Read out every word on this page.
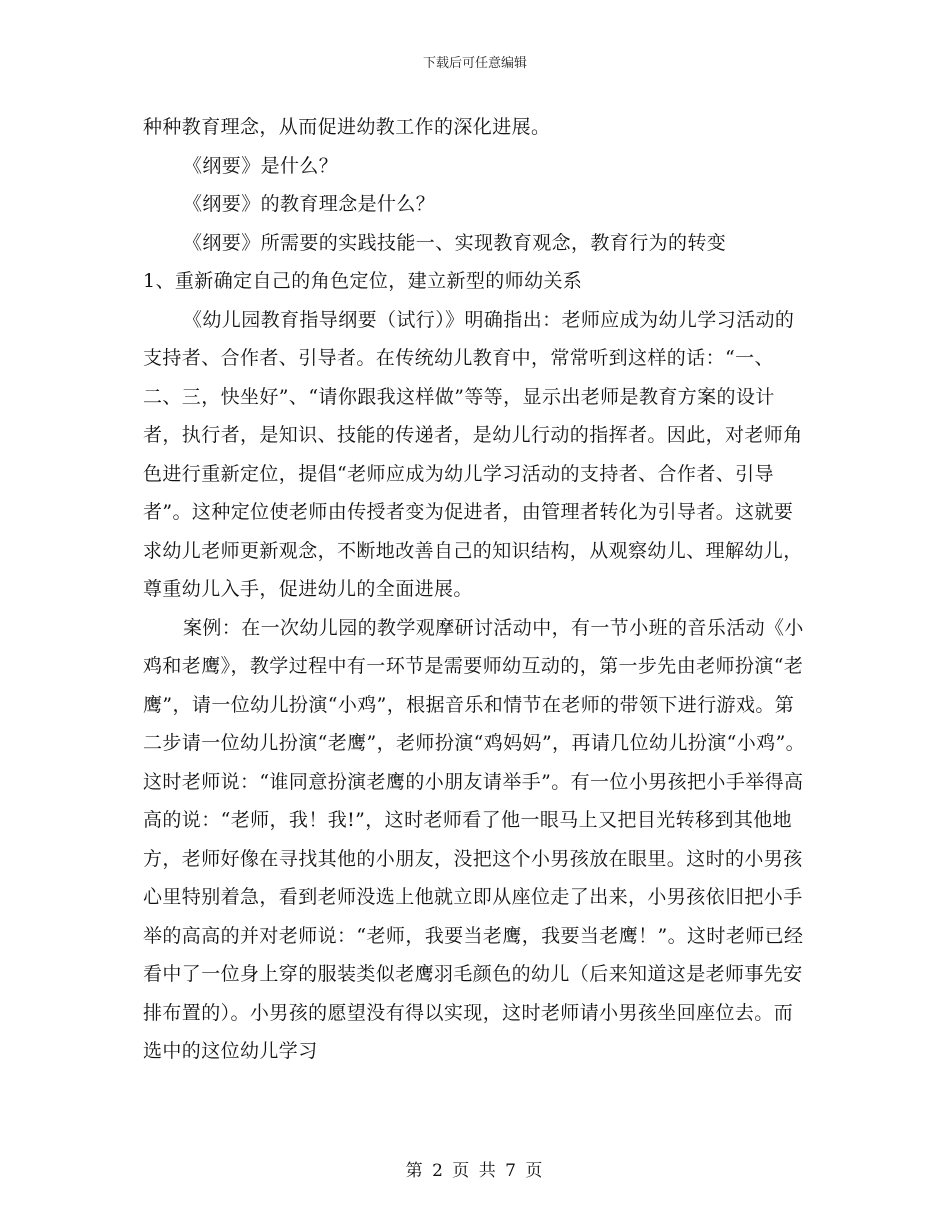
下载后可任意编辑

种种教育理念，从而促进幼教工作的深化进展。

《纲要》是什么？

《纲要》的教育理念是什么？

《纲要》所需要的实践技能一、实现教育观念，教育行为的转变

1、重新确定自己的角色定位，建立新型的师幼关系

《幼儿园教育指导纲要（试行）》明确指出：老师应成为幼儿学习活动的支持者、合作者、引导者。在传统幼儿教育中，常常听到这样的话：“一、二、三，快坐好”、“请你跟我这样做”等等，显示出老师是教育方案的设计者，执行者，是知识、技能的传递者，是幼儿行动的指挥者。因此，对老师角色进行重新定位，提倡“老师应成为幼儿学习活动的支持者、合作者、引导者”。这种定位使老师由传授者变为促进者，由管理者转化为引导者。这就要求幼儿老师更新观念，不断地改善自己的知识结构，从观察幼儿、理解幼儿，尊重幼儿入手，促进幼儿的全面进展。

案例：在一次幼儿园的教学观摩研讨活动中，有一节小班的音乐活动《小鸡和老鹰》，教学过程中有一环节是需要师幼互动的，第一步先由老师扮演“老鹰”，请一位幼儿扮演“小鸡”，根据音乐和情节在老师的带领下进行游戏。第二步请一位幼儿扮演“老鹰”，老师扮演“鸡妈妈”，再请几位幼儿扮演“小鸡”。这时老师说：“谁同意扮演老鹰的小朋友请举手”。有一位小男孩把小手举得高高的说：“老师，我！我!”，这时老师看了他一眼马上又把目光转移到其他地方，老师好像在寻找其他的小朋友，没把这个小男孩放在眼里。这时的小男孩心里特别着急，看到老师没选上他就立即从座位走了出来，小男孩依旧把小手举的高高的并对老师说：“老师，我要当老鹰，我要当老鹰！”。这时老师已经看中了一位身上穿的服装类似老鹰羽毛颜色的幼儿（后来知道这是老师事先安排布置的）。小男孩的愿望没有得以实现，这时老师请小男孩坐回座位去。而选中的这位幼儿学习

第 2 页 共 7 页
